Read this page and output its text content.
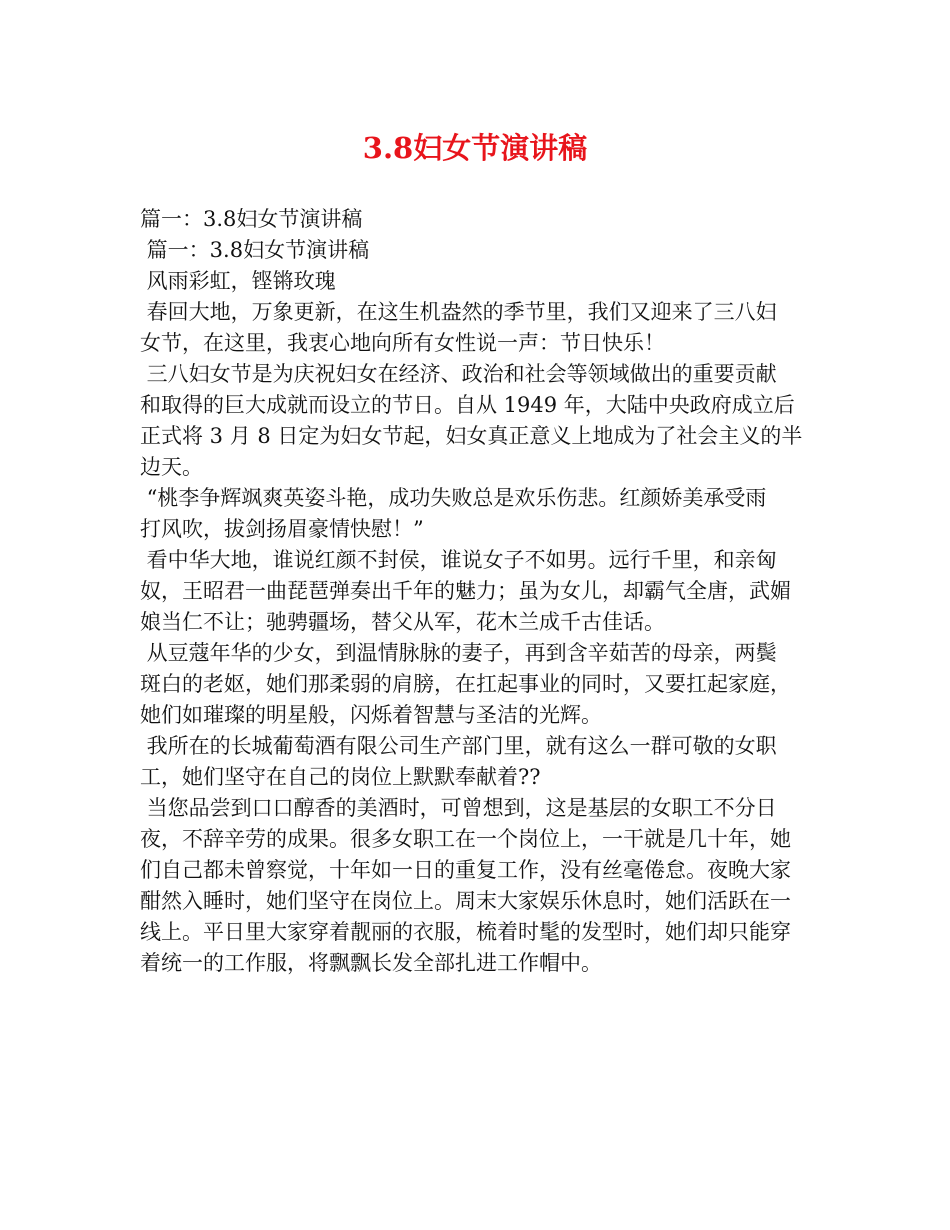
3.8妇女节演讲稿
篇一：3.8妇女节演讲稿
篇一：3.8妇女节演讲稿
风雨彩虹，铿锵玫瑰
春回大地，万象更新，在这生机盎然的季节里，我们又迎来了三八妇
女节，在这里，我衷心地向所有女性说一声：节日快乐！
三八妇女节是为庆祝妇女在经济、政治和社会等领域做出的重要贡献
和取得的巨大成就而设立的节日。自从 1949 年，大陆中央政府成立后
正式将 3 月 8 日定为妇女节起，妇女真正意义上地成为了社会主义的半
边天。
“桃李争辉飒爽英姿斗艳，成功失败总是欢乐伤悲。红颜娇美承受雨
打风吹，拔剑扬眉豪情快慰！”
看中华大地，谁说红颜不封侯，谁说女子不如男。远行千里，和亲匈
奴，王昭君一曲琵琶弹奏出千年的魅力；虽为女儿，却霸气全唐，武媚
娘当仁不让；驰骋疆场，替父从军，花木兰成千古佳话。
从豆蔻年华的少女，到温情脉脉的妻子，再到含辛茹苦的母亲，两鬓
斑白的老妪，她们那柔弱的肩膀，在扛起事业的同时，又要扛起家庭，
她们如璀璨的明星般，闪烁着智慧与圣洁的光辉。
我所在的长城葡萄酒有限公司生产部门里，就有这么一群可敬的女职
工，她们坚守在自己的岗位上默默奉献着??
当您品尝到口口醇香的美酒时，可曾想到，这是基层的女职工不分日
夜，不辞辛劳的成果。很多女职工在一个岗位上，一干就是几十年，她
们自己都未曾察觉，十年如一日的重复工作，没有丝毫倦怠。夜晚大家
酣然入睡时，她们坚守在岗位上。周末大家娱乐休息时，她们活跃在一
线上。平日里大家穿着靓丽的衣服，梳着时髦的发型时，她们却只能穿
着统一的工作服，将飘飘长发全部扎进工作帽中。
